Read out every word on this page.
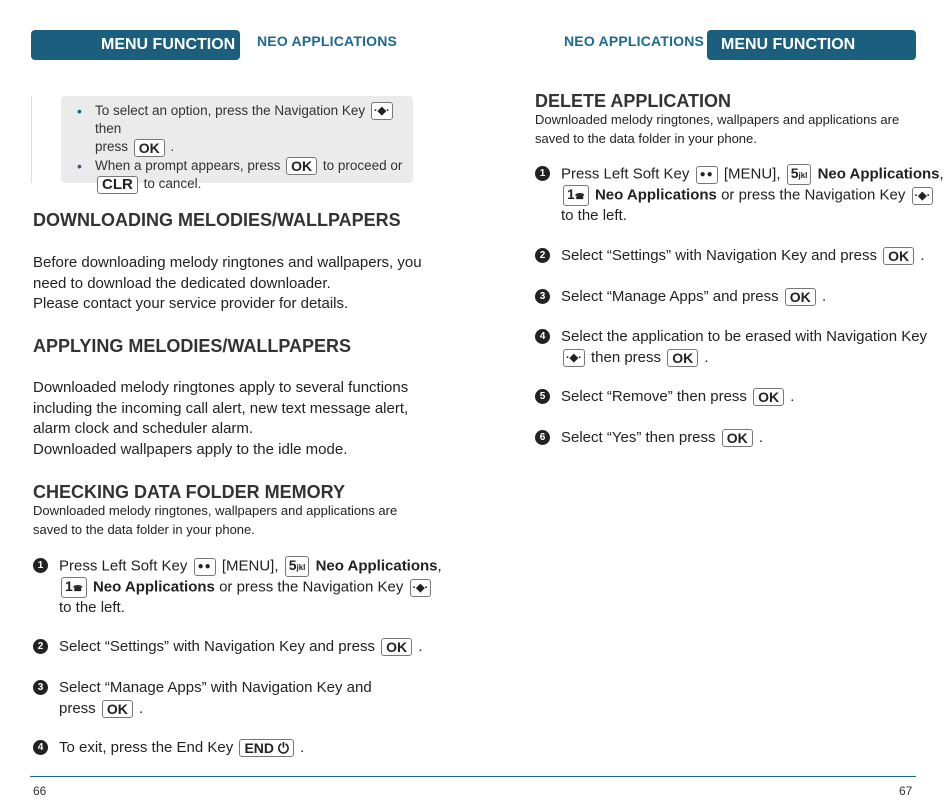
MENU FUNCTION	NEO APPLICATIONS
• To select an option, press the Navigation Key ·◆· then
press OK .
• When a prompt appears, press OK to proceed or
CLR to cancel.
DOWNLOADING MELODIES/WALLPAPERS

Before downloading melody ringtones and wallpapers, you

need to download the dedicated downloader.

Please contact your service provider for details.

APPLYING MELODIES/WALLPAPERS

Downloaded melody ringtones apply to several functions

including the incoming call alert, new text message alert,

alarm clock and scheduler alarm.

Downloaded wallpapers apply to the idle mode.

CHECKING DATA FOLDER MEMORY

Downloaded melody ringtones, wallpapers and applications are

saved to the data folder in your phone.

1	Press Left Soft Key ●● [MENU], 5jkl Neo Applications,
1☎ Neo Applications or press the Navigation Key ·◆·
to the left.
2	Select “Settings” with Navigation Key and press OK .
3	Select “Manage Apps” with Navigation Key and
press OK .
4	To exit, press the End Key END ⏻ .
NEO APPLICATIONS	MENU FUNCTION
DELETE APPLICATION

Downloaded melody ringtones, wallpapers and applications are

saved to the data folder in your phone.

1	Press Left Soft Key ●● [MENU], 5jkl Neo Applications,
1☎ Neo Applications or press the Navigation Key ·◆·
to the left.
2	Select “Settings” with Navigation Key and press OK .
3	Select “Manage Apps” and press OK .
4	Select the application to be erased with Navigation Key
·◆· then press OK .
5	Select “Remove” then press OK .
6	Select “Yes” then press OK .
66	67
